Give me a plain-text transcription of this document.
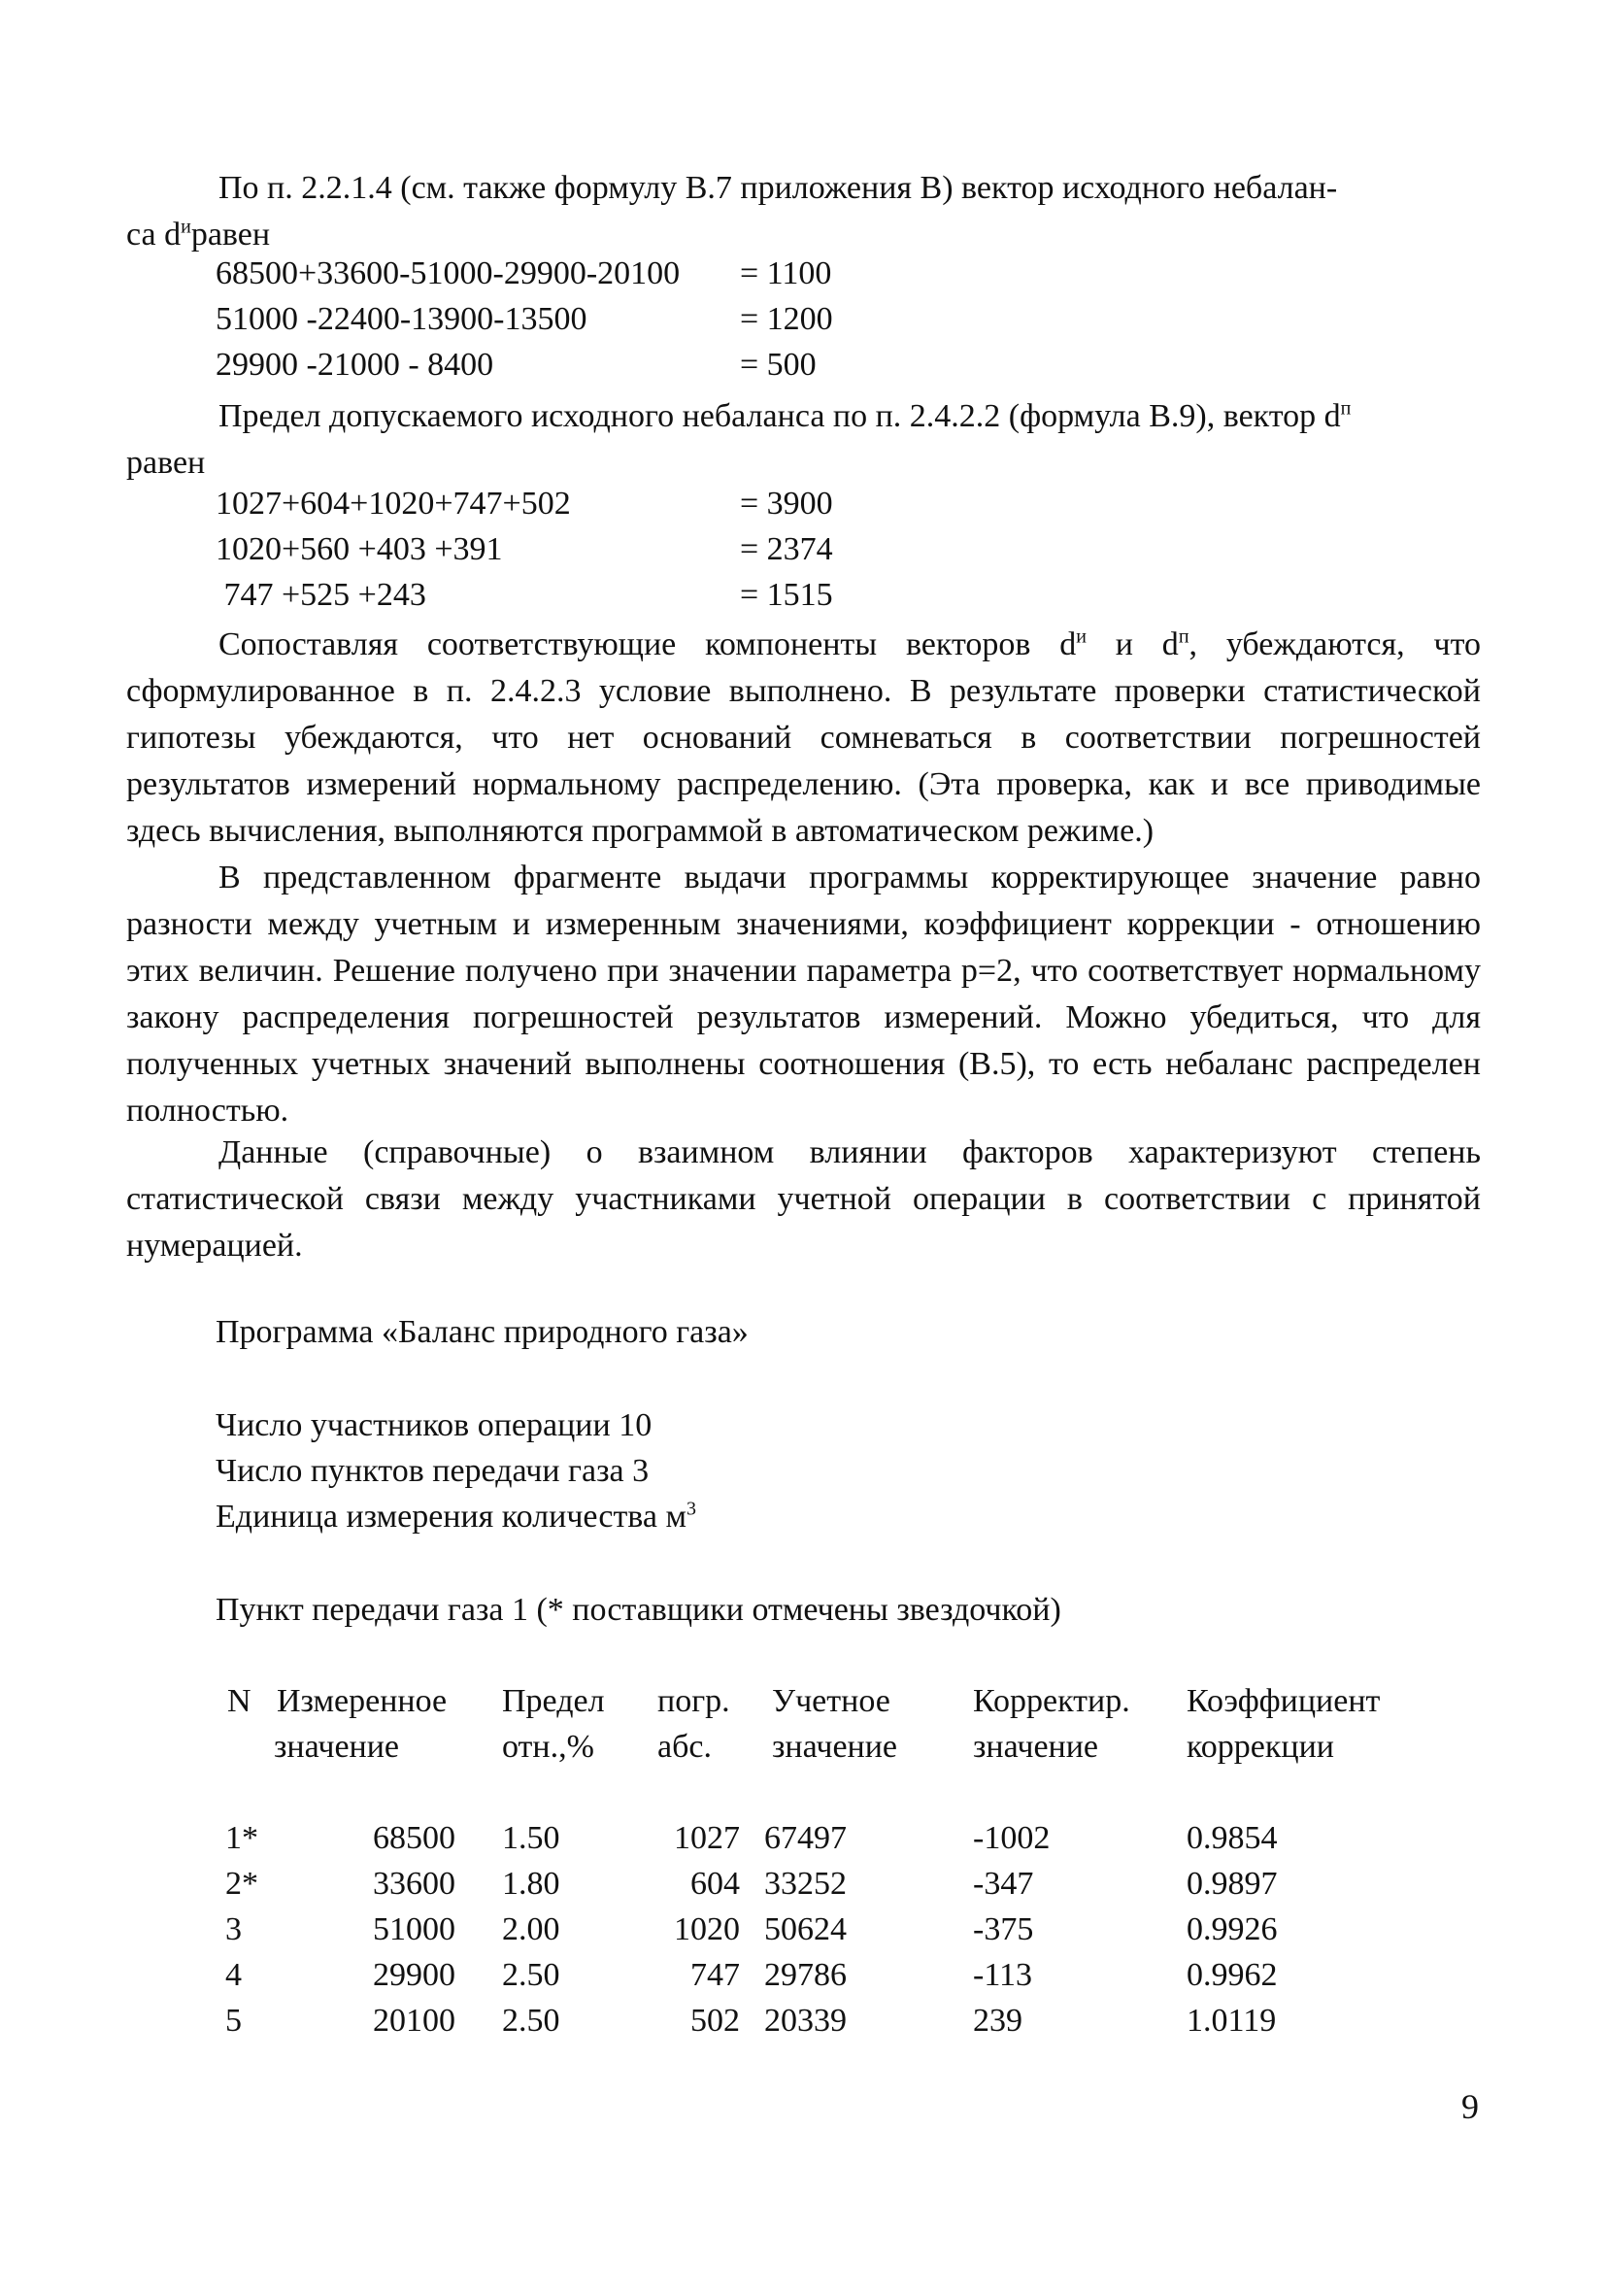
По п. 2.2.1.4 (см. также формулу В.7 приложения В) вектор исходного небалан-

са $d^иравен$

68500+33600-51000-29900-20100	= 1100
51000 -22400-13900-13500	= 1200
29900 -21000 - 8400	= 500

Предел допускаемого исходного небаланса по п. 2.4.2.2 (формула В.9), вектор $d^п$

равен

1027+604+1020+747+502	= 3900
1020+560 +403 +391	= 2374
747 +525 +243	= 1515

Сопоставляя соответствующие компоненты векторов $d^и$ и $d^п$, убеждаются, что сформулированное в п. 2.4.2.3 условие выполнено. В результате проверки статистической гипотезы убеждаются, что нет оснований сомневаться в соответствии погрешностей результатов измерений нормальному распределению. (Эта проверка, как и все приводимые здесь вычисления, выполняются программой в автоматическом режиме.)

В представленном фрагменте выдачи программы корректирующее значение равно разности между учетным и измеренным значениями, коэффициент коррекции - отношению этих величин. Решение получено при значении параметра p=2, что соответствует нормальному закону распределения погрешностей результатов измерений. Можно убедиться, что для полученных учетных значений выполнены соотношения (В.5), то есть небаланс распределен полностью.

Данные (справочные) о взаимном влиянии факторов характеризуют степень статистической связи между участниками учетной операции в соответствии с принятой нумерацией.

Программа «Баланс природного газа»
Число участников операции 10
Число пунктов передачи газа 3
Единица измерения количества $м^3$
Пункт передачи газа 1 (* поставщики отмечены звездочкой)
N Измеренное Предел погр. Учетное	Корректир. Коэффициент
значение	отн.,% абс. значение значение	коррекции
1*	68500 1.50	1027 67497	-1002	0.9854
2*	33600 1.80	604 33252	-347	0.9897
3	51000 2.00	1020 50624	-375	0.9926
4	29900 2.50	747 29786	-113	0.9962
5	20100 2.50	502 20339	239	1.0119
9
